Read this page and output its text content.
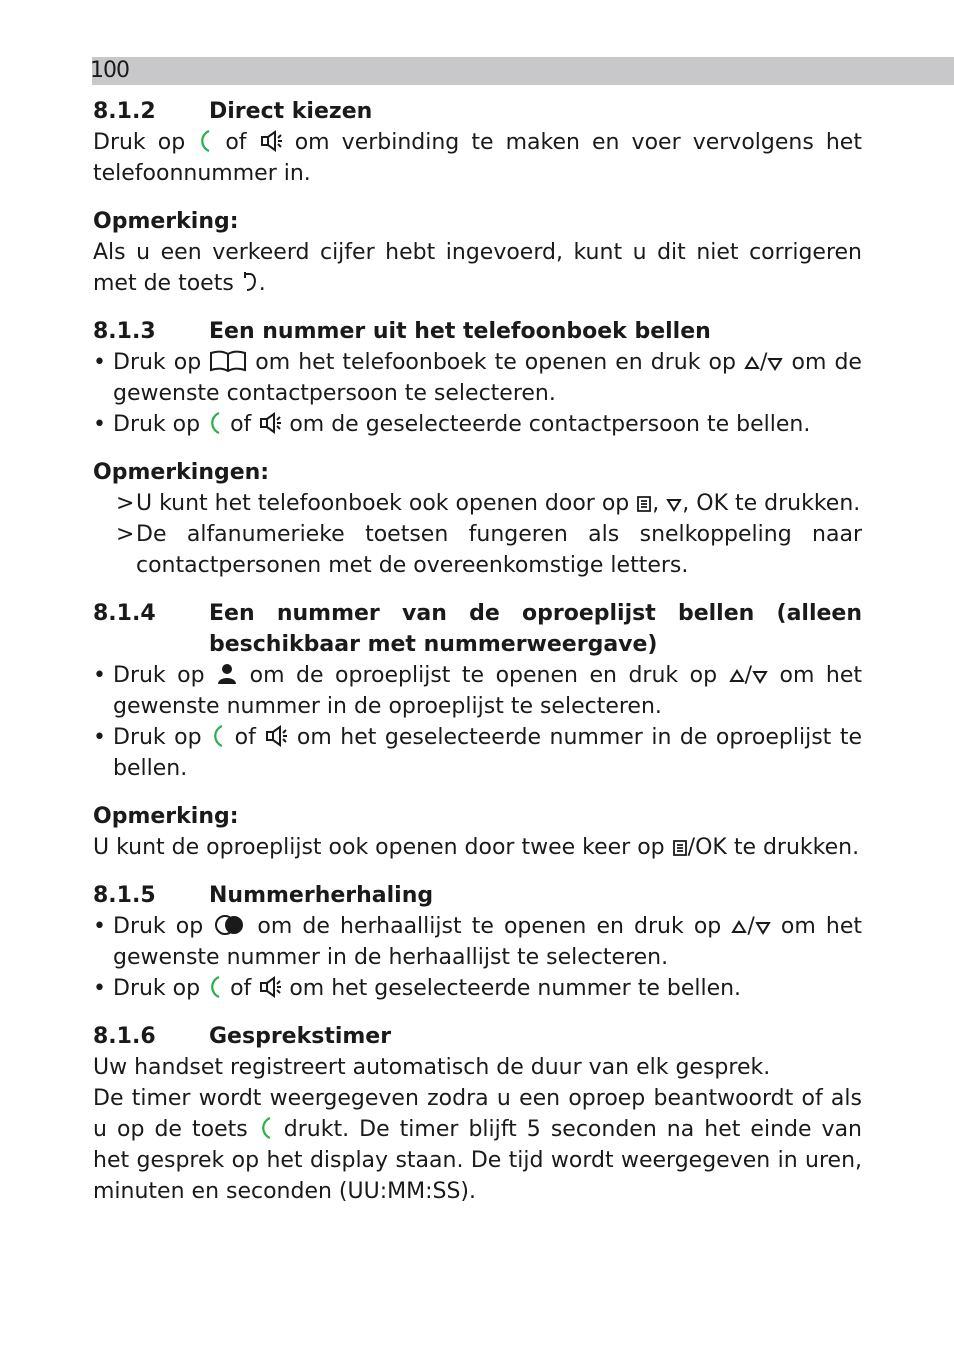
100
8.1.2 Direct kiezen

Druk op of om verbinding te maken en voer vervolgens het telefoonnummer in.

Opmerking:

Als u een verkeerd cijfer hebt ingevoerd, kunt u dit niet corrigeren met de toets .

8.1.3 Een nummer uit het telefoonboek bellen

• Druk op om het telefoonboek te openen en druk op / om de gewenste contactpersoon te selecteren.

• Druk op of om de geselecteerde contactpersoon te bellen.

Opmerkingen:

> U kunt het telefoonboek ook openen door op , , OK te drukken.

> De alfanumerieke toetsen fungeren als snelkoppeling naar contactpersonen met de overeenkomstige letters.

8.1.4 Een nummer van de oproeplijst bellen (alleen beschikbaar met nummerweergave)

• Druk op om de oproeplijst te openen en druk op / om het gewenste nummer in de oproeplijst te selecteren.

• Druk op of om het geselecteerde nummer in de oproeplijst te bellen.

Opmerking:

U kunt de oproeplijst ook openen door twee keer op /OK te drukken.

8.1.5 Nummerherhaling

• Druk op om de herhaallijst te openen en druk op / om het gewenste nummer in de herhaallijst te selecteren.

• Druk op of om het geselecteerde nummer te bellen.

8.1.6 Gesprekstimer

Uw handset registreert automatisch de duur van elk gesprek.

De timer wordt weergegeven zodra u een oproep beantwoordt of als u op de toets drukt. De timer blijft 5 seconden na het einde van het gesprek op het display staan. De tijd wordt weergegeven in uren, minuten en seconden (UU:MM:SS).
